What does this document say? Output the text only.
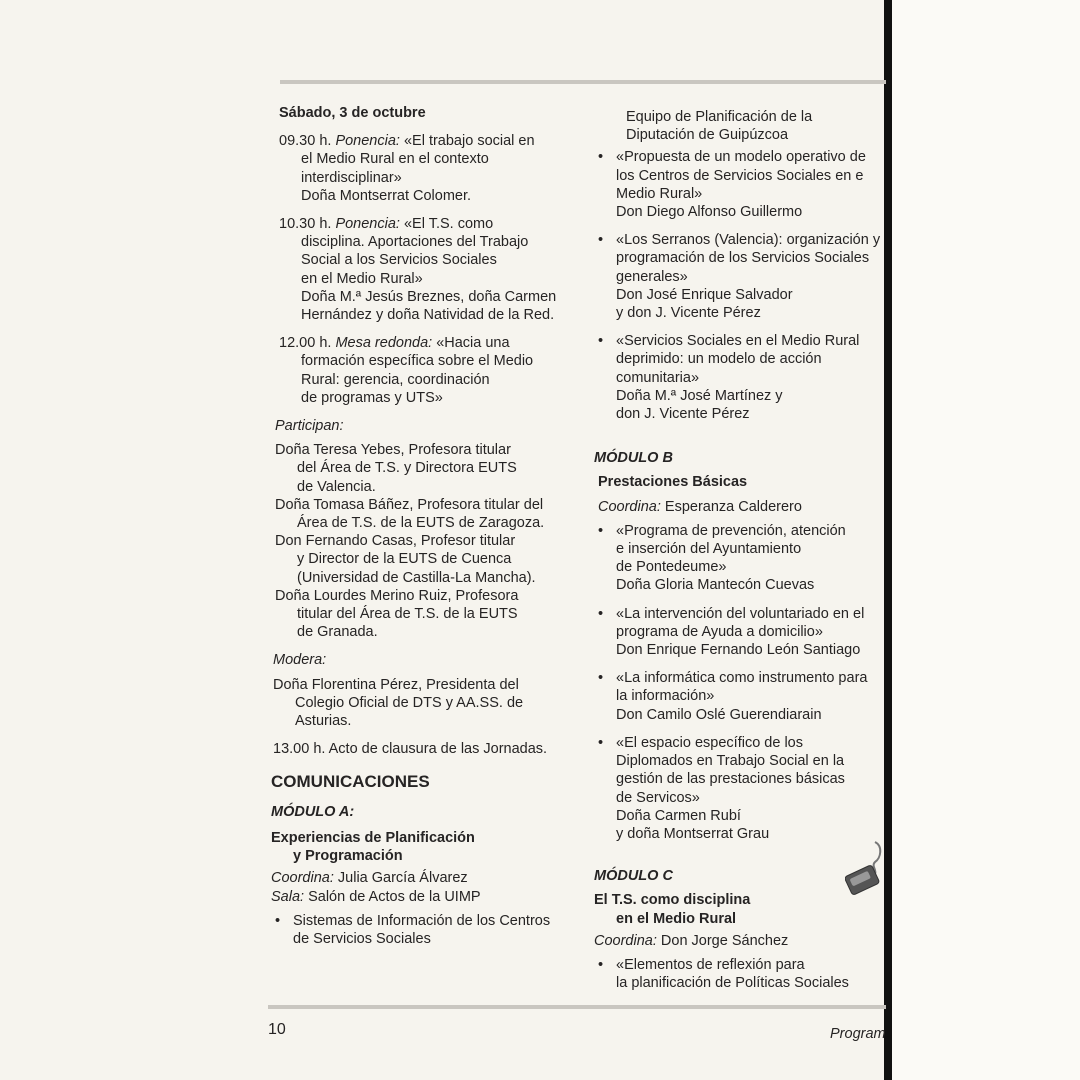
Sábado, 3 de octubre
09.30 h. Ponencia: «El trabajo social en
el Medio Rural en el contexto
interdisciplinar»
Doña Montserrat Colomer.
10.30 h. Ponencia: «El T.S. como
disciplina. Aportaciones del Trabajo
Social a los Servicios Sociales
en el Medio Rural»
Doña M.ª Jesús Breznes, doña Carmen
Hernández y doña Natividad de la Red.
12.00 h. Mesa redonda: «Hacia una
formación específica sobre el Medio
Rural: gerencia, coordinación
de programas y UTS»
Participan:
Doña Teresa Yebes, Profesora titular
del Área de T.S. y Directora EUTS
de Valencia.
Doña Tomasa Báñez, Profesora titular del
Área de T.S. de la EUTS de Zaragoza.
Don Fernando Casas, Profesor titular
y Director de la EUTS de Cuenca
(Universidad de Castilla-La Mancha).
Doña Lourdes Merino Ruiz, Profesora
titular del Área de T.S. de la EUTS
de Granada.
Modera:
Doña Florentina Pérez, Presidenta del
Colegio Oficial de DTS y AA.SS. de
Asturias.
13.00 h. Acto de clausura de las Jornadas.
COMUNICACIONES
MÓDULO A:
Experiencias de Planificación
y Programación
Coordina: Julia García Álvarez
Sala: Salón de Actos de la UIMP
• Sistemas de Información de los Centros
de Servicios Sociales
Equipo de Planificación de la
Diputación de Guipúzcoa
• «Propuesta de un modelo operativo de
los Centros de Servicios Sociales en e
Medio Rural»
Don Diego Alfonso Guillermo
• «Los Serranos (Valencia): organización y
programación de los Servicios Sociales
generales»
Don José Enrique Salvador
y don J. Vicente Pérez
• «Servicios Sociales en el Medio Rural
deprimido: un modelo de acción
comunitaria»
Doña M.ª José Martínez y
don J. Vicente Pérez
MÓDULO B
Prestaciones Básicas
Coordina: Esperanza Calderero
• «Programa de prevención, atención
e inserción del Ayuntamiento
de Pontedeume»
Doña Gloria Mantecón Cuevas
• «La intervención del voluntariado en el
programa de Ayuda a domicilio»
Don Enrique Fernando León Santiago
• «La informática como instrumento para
la información»
Don Camilo Oslé Guerendiarain
• «El espacio específico de los
Diplomados en Trabajo Social en la
gestión de las prestaciones básicas
de Servicos»
Doña Carmen Rubí
y doña Montserrat Grau
MÓDULO C
El T.S. como disciplina
en el Medio Rural
Coordina: Don Jorge Sánchez
• «Elementos de reflexión para
la planificación de Políticas Sociales
Program
10
